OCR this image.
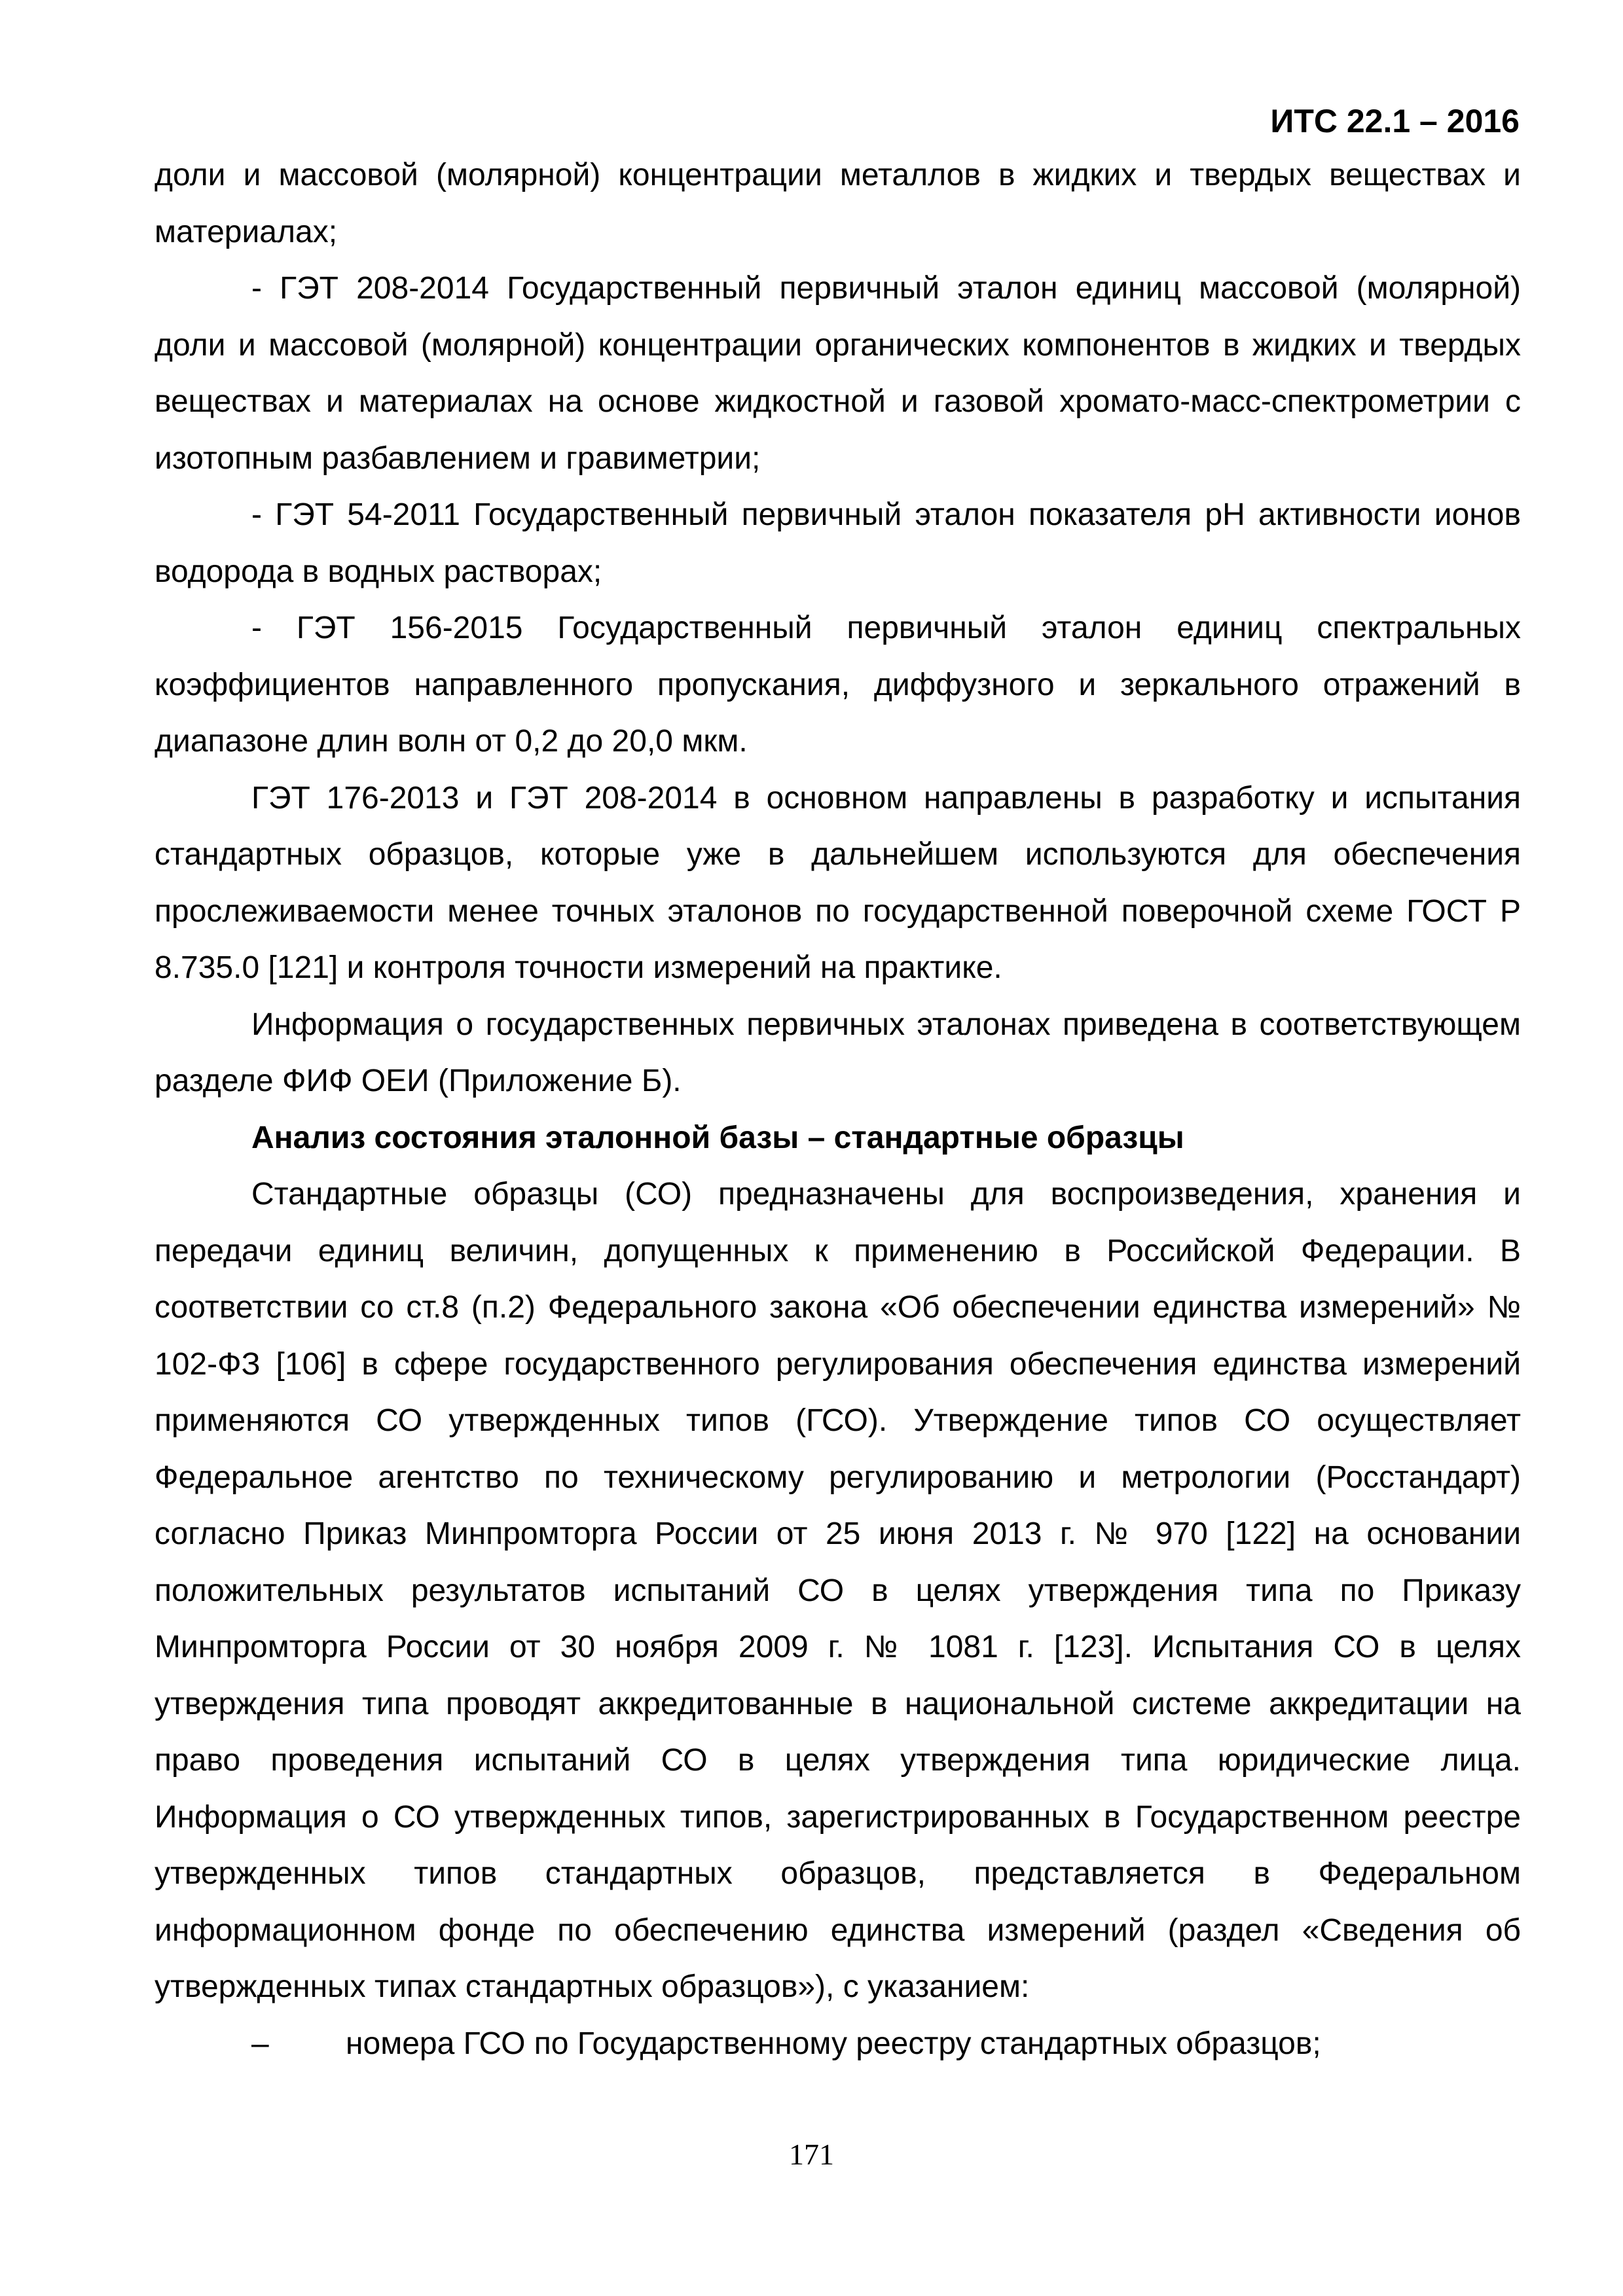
ИТС 22.1 – 2016

доли и массовой (молярной) концентрации металлов в жидких и твердых веществах и материалах;

- ГЭТ 208-2014 Государственный первичный эталон единиц массовой (молярной) доли и массовой (молярной) концентрации органических компонентов в жидких и твердых веществах и материалах на основе жидкостной и газовой хромато-масс-спектрометрии с изотопным разбавлением и гравиметрии;

- ГЭТ 54-2011 Государственный первичный эталон показателя pH активности ионов водорода в водных растворах;

- ГЭТ 156-2015 Государственный первичный эталон единиц спектральных коэффициентов направленного пропускания, диффузного и зеркального отражений в диапазоне длин волн от 0,2 до 20,0 мкм.

ГЭТ 176-2013 и ГЭТ 208-2014 в основном направлены в разработку и испытания стандартных образцов, которые уже в дальнейшем используются для обеспечения прослеживаемости менее точных эталонов по государственной поверочной схеме ГОСТ Р 8.735.0 [121] и контроля точности измерений на практике.

Информация о государственных первичных эталонах приведена в соответствующем разделе ФИФ ОЕИ (Приложение Б).

Анализ состояния эталонной базы – стандартные образцы

Стандартные образцы (СО) предназначены для воспроизведения, хранения и передачи единиц величин, допущенных к применению в Российской Федерации. В соответствии со ст.8 (п.2) Федерального закона «Об обеспечении единства измерений» № 102-ФЗ [106] в сфере государственного регулирования обеспечения единства измерений применяются СО утвержденных типов (ГСО). Утверждение типов СО осуществляет Федеральное агентство по техническому регулированию и метрологии (Росстандарт) согласно Приказ Минпромторга России от 25 июня 2013 г. № 970 [122] на основании положительных результатов испытаний СО в целях утверждения типа по Приказу Минпромторга России от 30 ноября 2009 г. № 1081 г. [123]. Испытания СО в целях утверждения типа проводят аккредитованные в национальной системе аккредитации на право проведения испытаний СО в целях утверждения типа юридические лица. Информация о СО утвержденных типов, зарегистрированных в Государственном реестре утвержденных типов стандартных образцов, представляется в Федеральном информационном фонде по обеспечению единства измерений (раздел «Сведения об утвержденных типах стандартных образцов»), с указанием:

– номера ГСО по Государственному реестру стандартных образцов;

171
